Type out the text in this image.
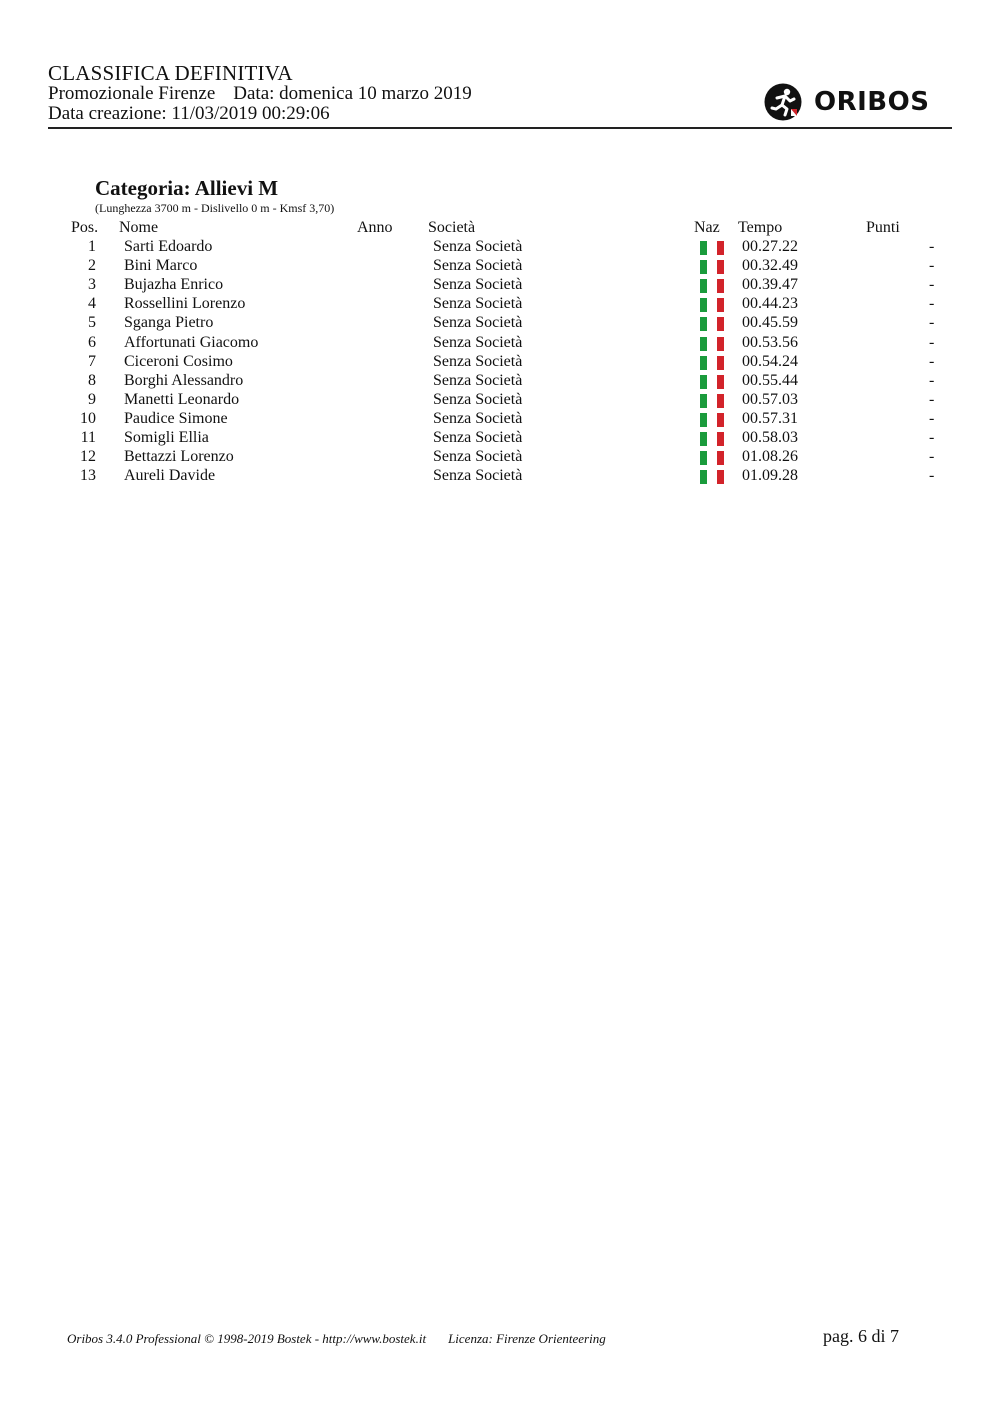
CLASSIFICA DEFINITIVA
Promozionale Firenze Data: domenica 10 marzo 2019
Data creazione: 11/03/2019 00:29:06	ORIBOS
Categoria: Allievi M
(Lunghezza 3700 m - Dislivello 0 m - Kmsf 3,70)
Pos. Nome	Anno Società	Naz Tempo	Punti
1 Sarti Edoardo	Senza Società	00.27.22	-
2 Bini Marco	Senza Società	00.32.49	-
3 Bujazha Enrico	Senza Società	00.39.47	-
4 Rossellini Lorenzo	Senza Società	00.44.23	-
5 Sganga Pietro	Senza Società	00.45.59	-
6 Affortunati Giacomo	Senza Società	00.53.56	-
7 Ciceroni Cosimo	Senza Società	00.54.24	-
8 Borghi Alessandro	Senza Società	00.55.44	-
9 Manetti Leonardo	Senza Società	00.57.03	-
10 Paudice Simone	Senza Società	00.57.31	-
11 Somigli Ellia	Senza Società	00.58.03	-
12 Bettazzi Lorenzo	Senza Società	01.08.26	-
13 Aureli Davide	Senza Società	01.09.28	-
Oribos 3.4.0 Professional © 1998-2019 Bostek - http://www.bostek.it Licenza: Firenze Orienteering	pag. 6 di 7
